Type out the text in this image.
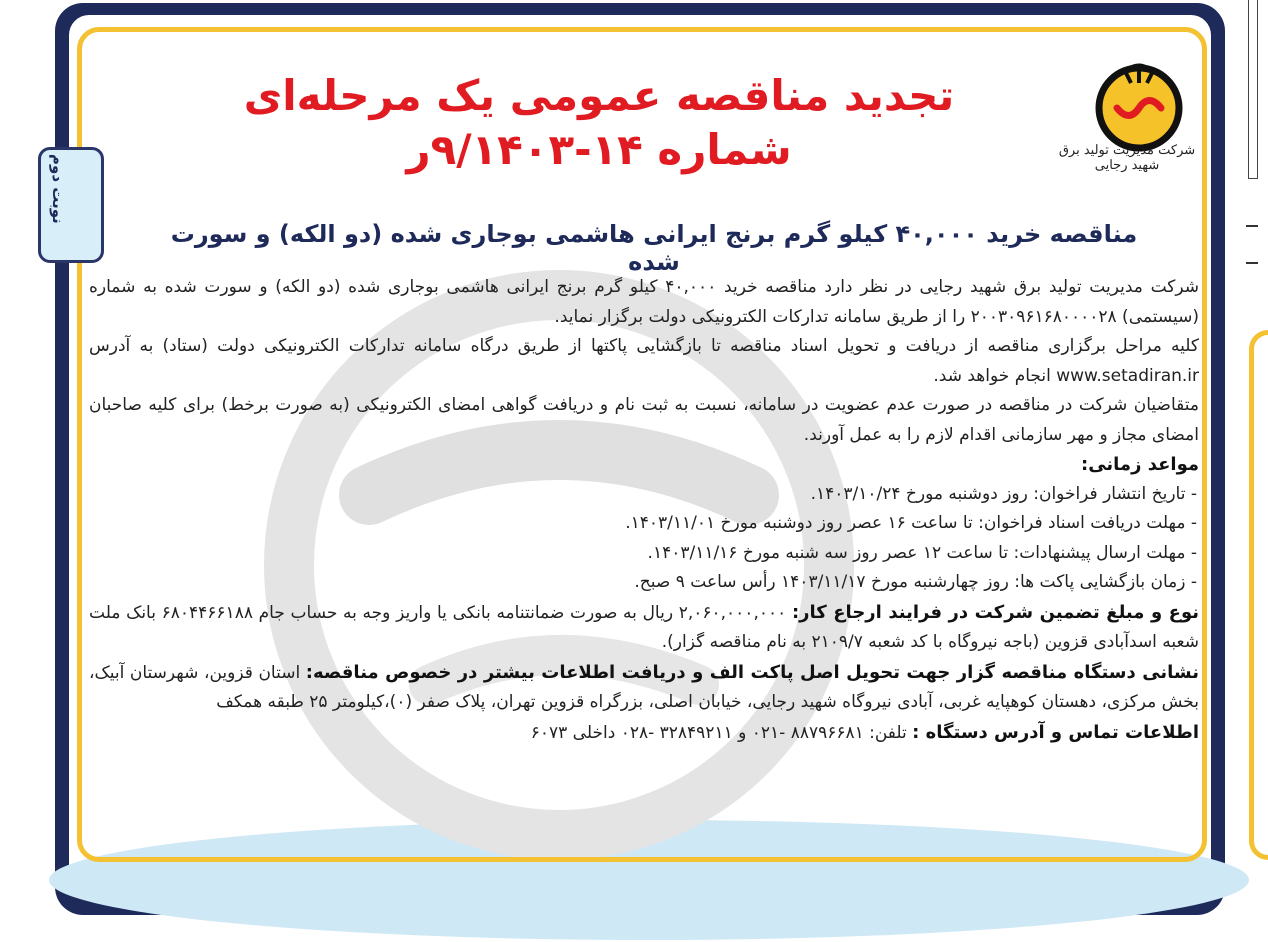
نوبت دوم
شرکت مدیریت تولید برق شهید رجایی
تجدید مناقصه عمومی یک مرحله‌ای
شماره ۱۴-۹/۱۴۰۳ر
مناقصه خرید ۴۰,۰۰۰ کیلو گرم برنج ایرانی هاشمی بوجاری شده (دو الکه) و سورت شده

شرکت مدیریت تولید برق شهید رجایی در نظر دارد مناقصه خرید ۴۰,۰۰۰ کیلو گرم برنج ایرانی هاشمی بوجاری شده (دو الکه) و سورت شده به شماره (سیستمی) ۲۰۰۳۰۹۶۱۶۸۰۰۰۰۲۸ را از طریق سامانه تدارکات الکترونیکی دولت برگزار نماید.

کلیه مراحل برگزاری مناقصه از دریافت و تحویل اسناد مناقصه تا بازگشایی پاکتها از طریق درگاه سامانه تدارکات الکترونیکی دولت (ستاد) به آدرس www.setadiran.ir انجام خواهد شد.

متقاضیان شرکت در مناقصه در صورت عدم عضویت در سامانه، نسبت به ثبت نام و دریافت گواهی امضای الکترونیکی (به صورت برخط) برای کلیه صاحبان امضای مجاز و مهر سازمانی اقدام لازم را به عمل آورند.

مواعد زمانی:

- تاریخ انتشار فراخوان: روز دوشنبه مورخ ۱۴۰۳/۱۰/۲۴.

- مهلت دریافت اسناد فراخوان: تا ساعت ۱۶ عصر روز دوشنبه مورخ ۱۴۰۳/۱۱/۰۱.

- مهلت ارسال پیشنهادات: تا ساعت ۱۲ عصر روز سه شنبه مورخ ۱۴۰۳/۱۱/۱۶.

- زمان بازگشایی پاکت ها: روز چهارشنبه مورخ ۱۴۰۳/۱۱/۱۷ رأس ساعت ۹ صبح.

نوع و مبلغ تضمین شرکت در فرایند ارجاع کار: ۲,۰۶۰,۰۰۰,۰۰۰ ریال به صورت ضمانتنامه بانکی یا واریز وجه به حساب جام ۶۸۰۴۴۶۶۱۸۸ بانک ملت شعبه اسدآبادی قزوین (باجه نیروگاه با کد شعبه ۲۱۰۹/۷ به نام مناقصه گزار).

نشانی دستگاه مناقصه گزار جهت تحویل اصل پاکت الف و دریافت اطلاعات بیشتر در خصوص مناقصه: استان قزوین، شهرستان آبیک، بخش مرکزی، دهستان کوهپایه غربی، آبادی نیروگاه شهید رجایی، خیابان اصلی، بزرگراه قزوین تهران، پلاک صفر (۰)،کیلومتر ۲۵ طبقه همکف

اطلاعات تماس و آدرس دستگاه : تلفن: ۸۸۷۹۶۶۸۱ -۰۲۱ و ۳۲۸۴۹۲۱۱ -۰۲۸ داخلی ۶۰۷۳
